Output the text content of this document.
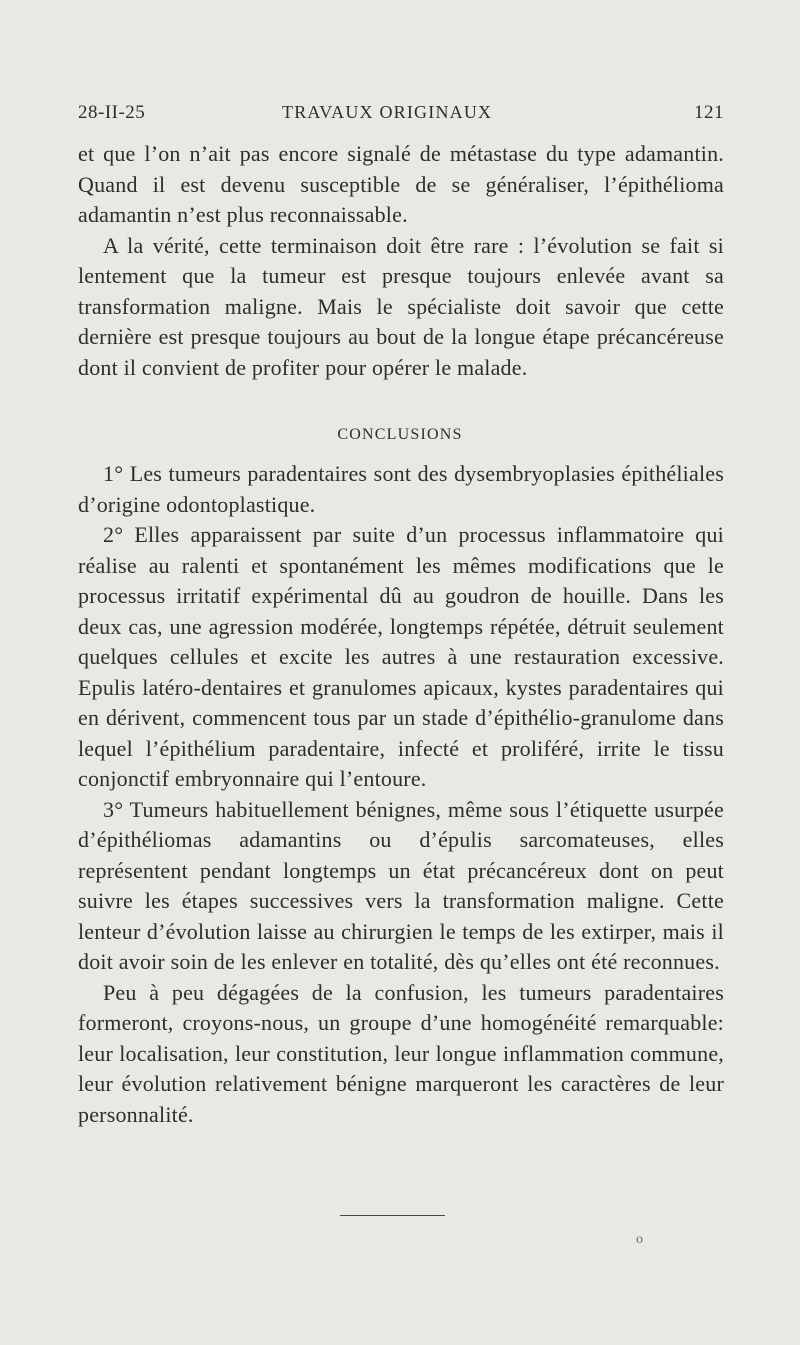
28-II-25	TRAVAUX ORIGINAUX	121

et que l’on n’ait pas encore signalé de métastase du type adamantin. Quand il est devenu susceptible de se généraliser, l’épithélioma adamantin n’est plus reconnaissable.

A la vérité, cette terminaison doit être rare : l’évolution se fait si lentement que la tumeur est presque toujours enlevée avant sa transformation maligne. Mais le spécialiste doit savoir que cette dernière est presque toujours au bout de la longue étape précancéreuse dont il convient de profiter pour opérer le malade.

CONCLUSIONS

1° Les tumeurs paradentaires sont des dysembryoplasies épithéliales d’origine odontoplastique.

2° Elles apparaissent par suite d’un processus inflammatoire qui réalise au ralenti et spontanément les mêmes modifications que le processus irritatif expérimental dû au goudron de houille. Dans les deux cas, une agression modérée, longtemps répétée, détruit seulement quelques cellules et excite les autres à une restauration excessive. Epulis latéro-dentaires et granulomes apicaux, kystes paradentaires qui en dérivent, commencent tous par un stade d’épithélio-granulome dans lequel l’épithélium paradentaire, infecté et proliféré, irrite le tissu conjonctif embryonnaire qui l’entoure.

3° Tumeurs habituellement bénignes, même sous l’étiquette usurpée d’épithéliomas adamantins ou d’épulis sarcomateuses, elles représentent pendant longtemps un état précancéreux dont on peut suivre les étapes successives vers la transformation maligne. Cette lenteur d’évolution laisse au chirurgien le temps de les extirper, mais il doit avoir soin de les enlever en totalité, dès qu’elles ont été reconnues.

Peu à peu dégagées de la confusion, les tumeurs paradentaires formeront, croyons-nous, un groupe d’une homogénéité remarquable: leur localisation, leur constitution, leur longue inflammation commune, leur évolution relativement bénigne marqueront les caractères de leur personnalité.

o
